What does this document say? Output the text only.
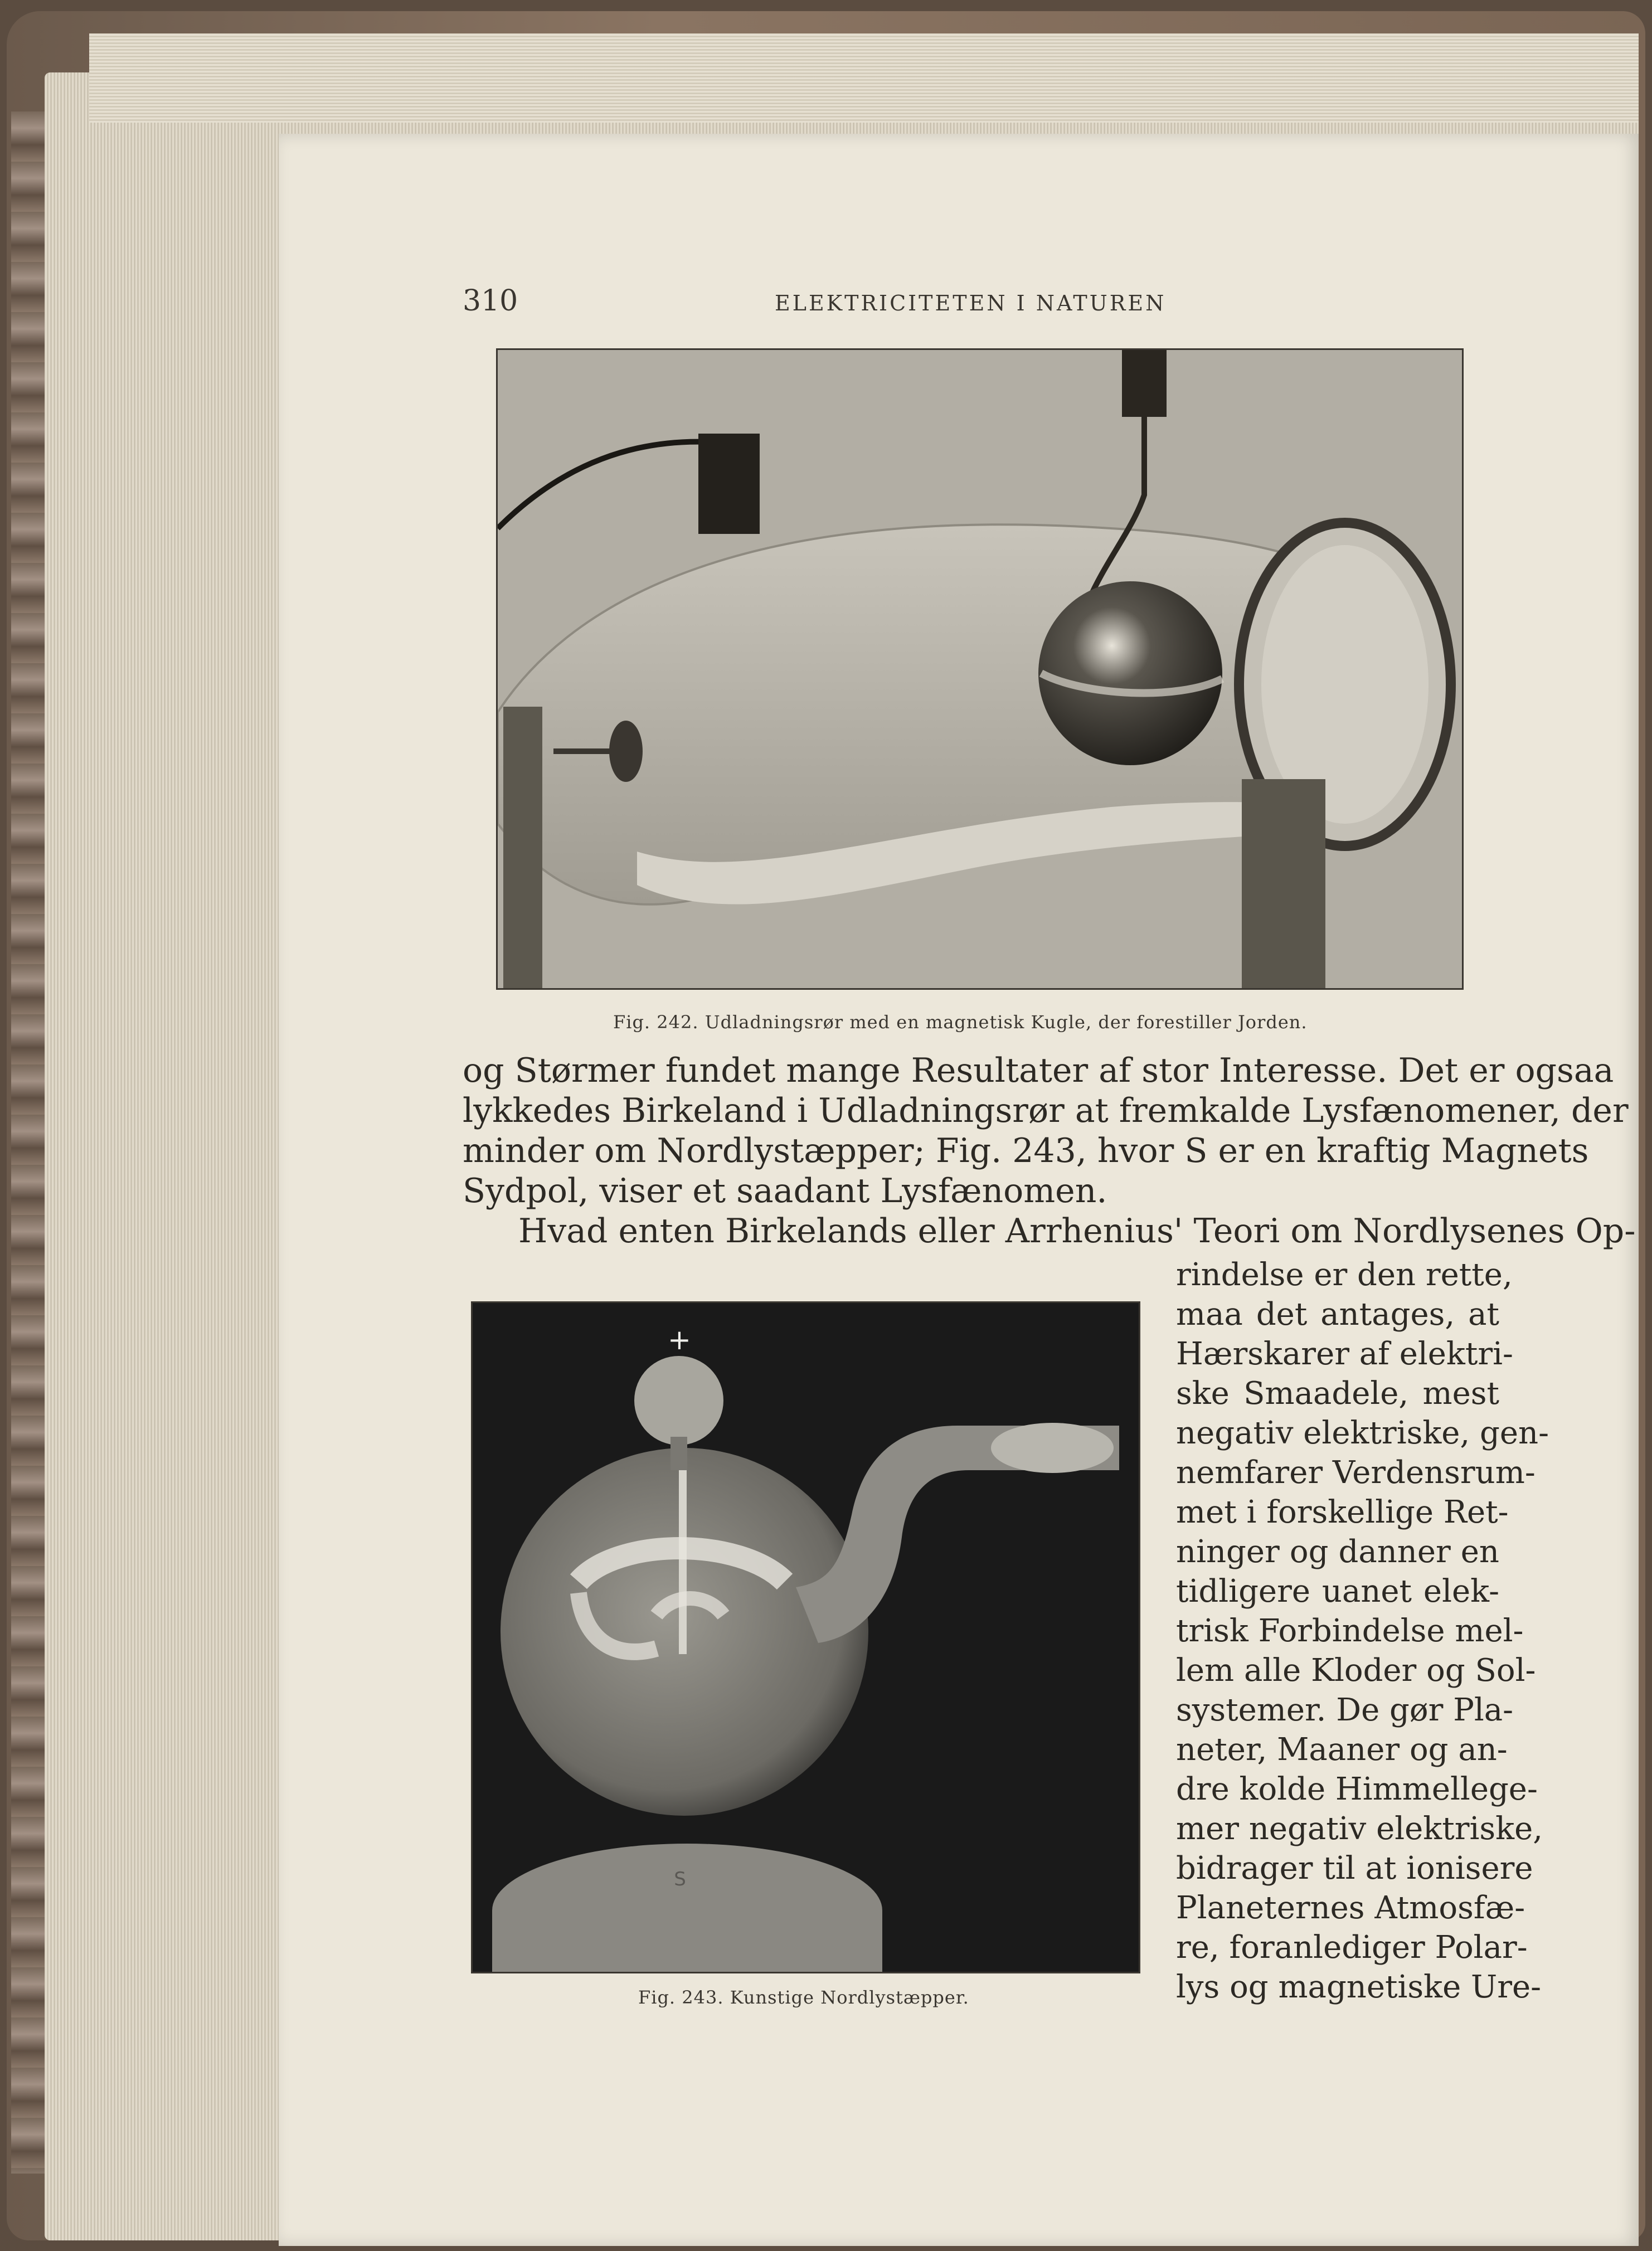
310	ELEKTRICITETEN I NATUREN
Fig. 242. Udladningsrør med en magnetisk Kugle, der forestiller Jorden.
og Størmer fundet mange Resultater af stor Interesse. Det er ogsaa
lykkedes Birkeland i Udladningsrør at fremkalde Lysfænomener, der
minder om Nordlystæpper; Fig. 243, hvor S er en kraftig Magnets
Sydpol, viser et saadant Lysfænomen.
Hvad enten Birkelands eller Arrhenius' Teori om Nordlysenes Op-
+
S
Fig. 243. Kunstige Nordlystæpper.
rindelse er den rette,
maa det antages, at
Hærskarer af elektri-
ske Smaadele, mest
negativ elektriske, gen-
nemfarer Verdensrum-
met i forskellige Ret-
ninger og danner en
tidligere uanet elek-
trisk Forbindelse mel-
lem alle Kloder og Sol-
systemer. De gør Pla-
neter, Maaner og an-
dre kolde Himmellege-
mer negativ elektriske,
bidrager til at ionisere
Planeternes Atmosfæ-
re, foranlediger Polar-
lys og magnetiske Ure-
